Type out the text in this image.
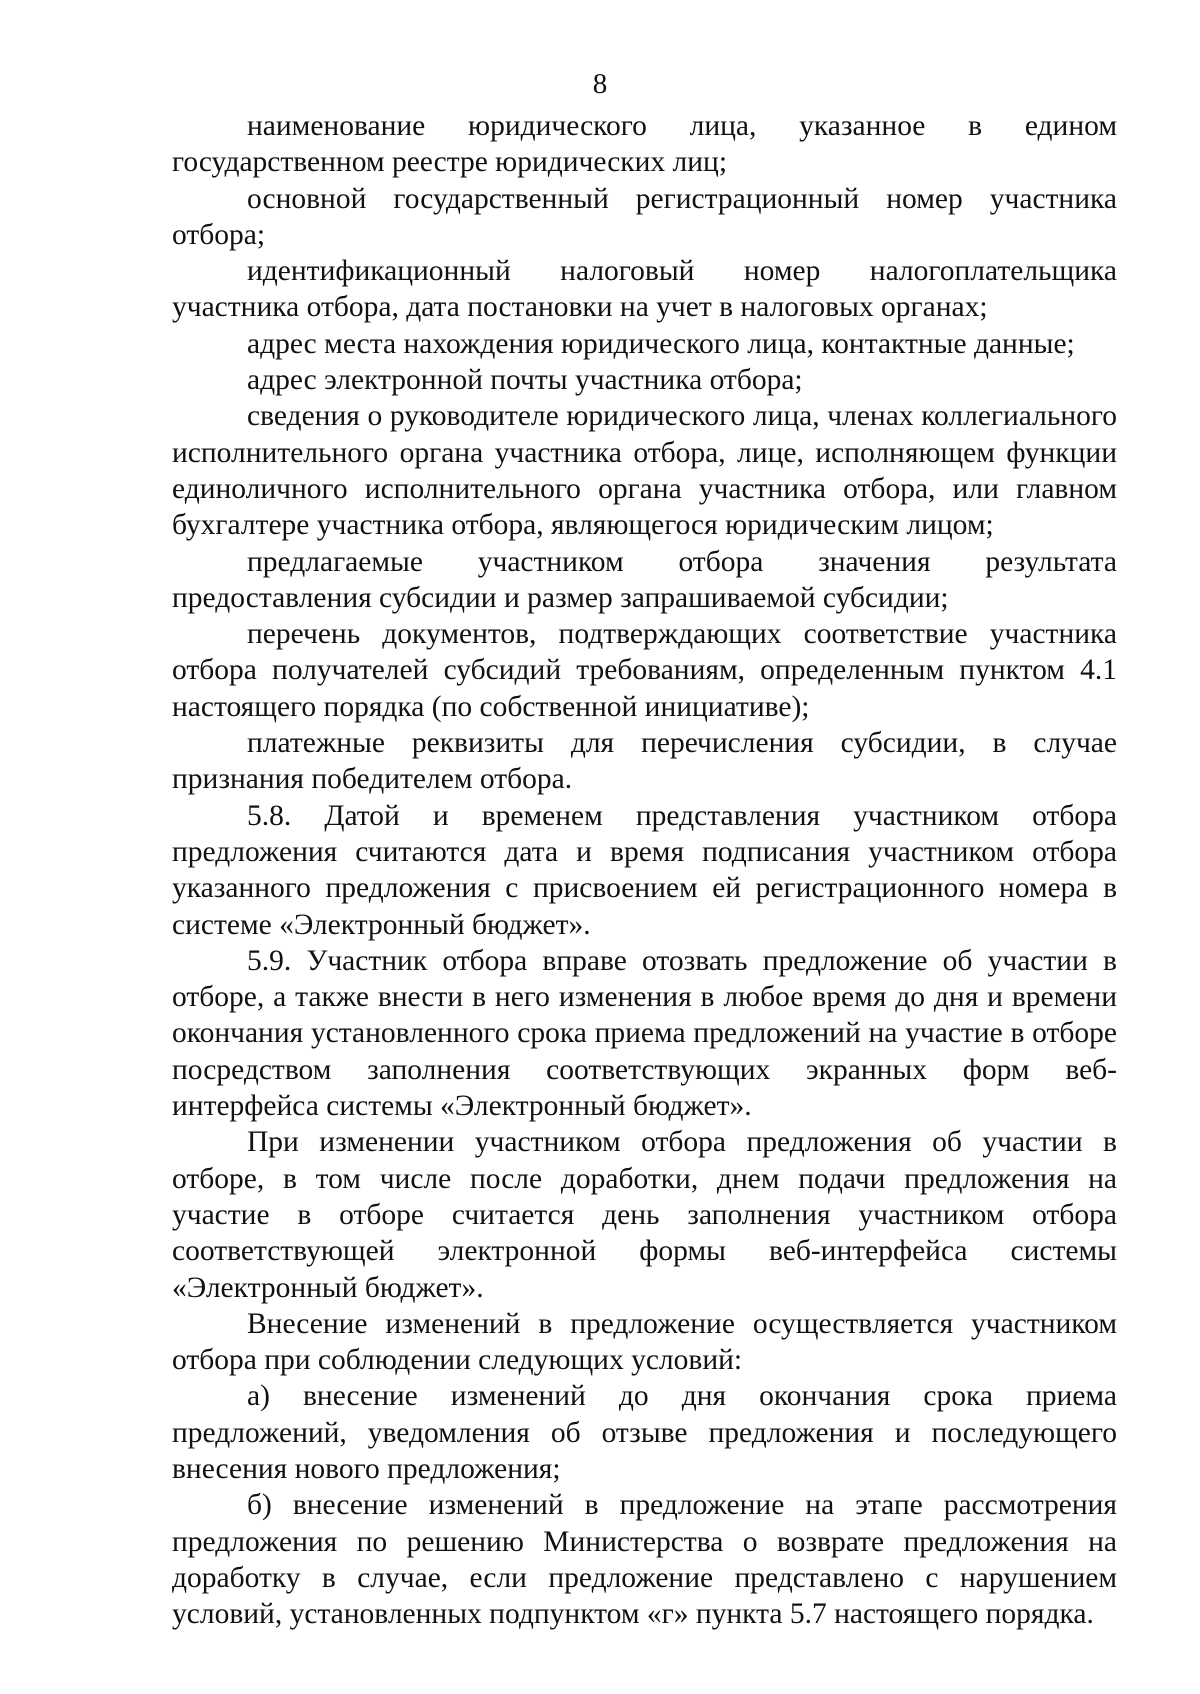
8

наименование юридического лица, указанное в едином государственном реестре юридических лиц;

основной государственный регистрационный номер участника отбора;

идентификационный налоговый номер налогоплательщика участника отбора, дата постановки на учет в налоговых органах;

адрес места нахождения юридического лица, контактные данные;

адрес электронной почты участника отбора;

сведения о руководителе юридического лица, членах коллегиального исполнительного органа участника отбора, лице, исполняющем функции единоличного исполнительного органа участника отбора, или главном бухгалтере участника отбора, являющегося юридическим лицом;

предлагаемые участником отбора значения результата предоставления субсидии и размер запрашиваемой субсидии;

перечень документов, подтверждающих соответствие участника отбора получателей субсидий требованиям, определенным пунктом 4.1 настоящего порядка (по собственной инициативе);

платежные реквизиты для перечисления субсидии, в случае признания победителем отбора.

5.8. Датой и временем представления участником отбора предложения считаются дата и время подписания участником отбора указанного предложения с присвоением ей регистрационного номера в системе «Электронный бюджет».

5.9. Участник отбора вправе отозвать предложение об участии в отборе, а также внести в него изменения в любое время до дня и времени окончания установленного срока приема предложений на участие в отборе посредством заполнения соответствующих экранных форм веб-интерфейса системы «Электронный бюджет».

При изменении участником отбора предложения об участии в отборе, в том числе после доработки, днем подачи предложения на участие в отборе считается день заполнения участником отбора соответствующей электронной формы веб-интерфейса системы «Электронный бюджет».

Внесение изменений в предложение осуществляется участником отбора при соблюдении следующих условий:

а) внесение изменений до дня окончания срока приема предложений, уведомления об отзыве предложения и последующего внесения нового предложения;

б) внесение изменений в предложение на этапе рассмотрения предложения по решению Министерства о возврате предложения на доработку в случае, если предложение представлено с нарушением условий, установленных подпунктом «г» пункта 5.7 настоящего порядка.
